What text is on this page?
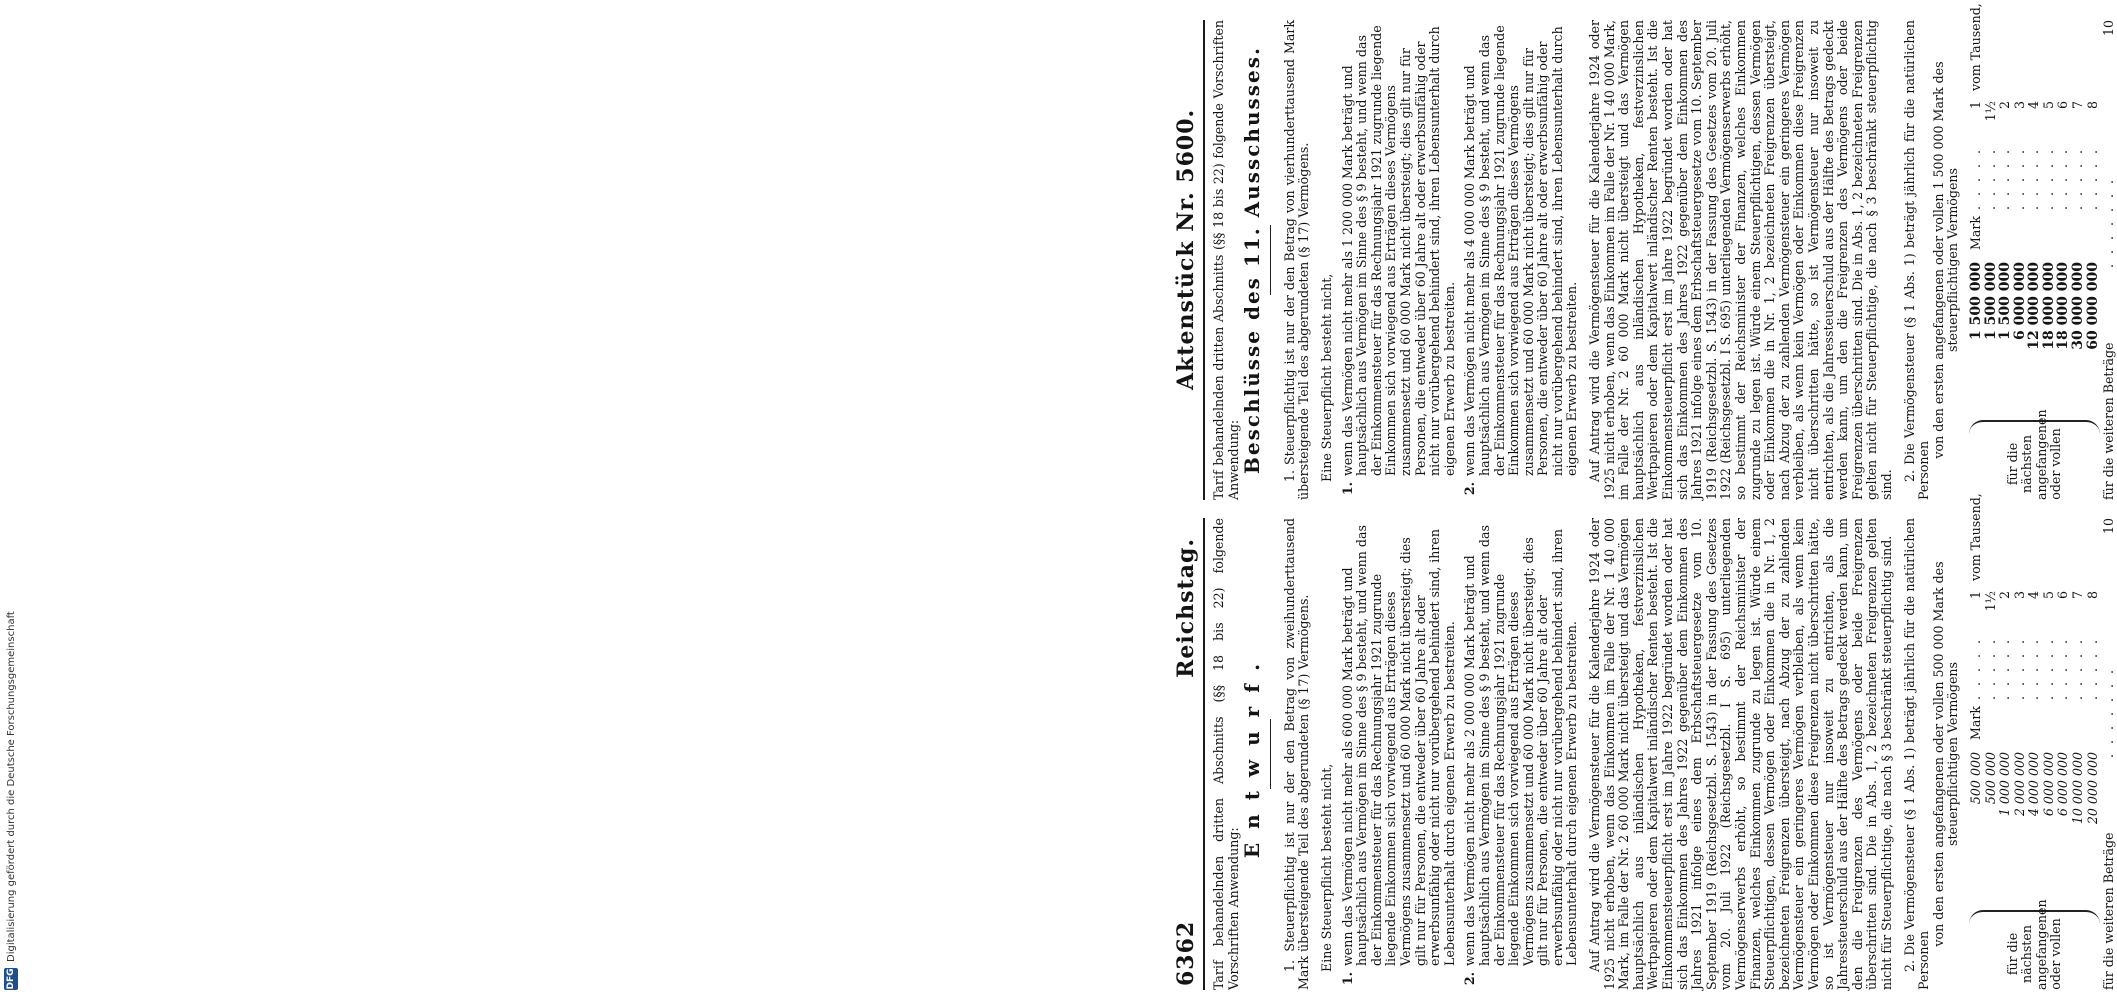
6362
Reichstag. Tarif behandelnden dritten Abschnitts (§§ 18 bis 22) folgende Vorschriften Anwendung:

Entwurf. 1. Steuerpflichtig ist nur der den Betrag von zweihunderttausend Mark übersteigende Teil des abgerundeten (§ 17) Vermögens. Eine Steuerpflicht besteht nicht,

1.
wenn das Vermögen nicht mehr als 600 000 Mark beträgt und hauptsächlich aus Vermögen im Sinne des § 9 besteht, und wenn das der Einkommensteuer für das Rechnungsjahr 1921 zugrunde liegende Einkommen sich vorwiegend aus Erträgen dieses Vermögens zusammensetzt und 60 000 Mark nicht übersteigt; dies gilt nur für Personen, die entweder über 60 Jahre alt oder erwerbsunfähig oder nicht nur vorübergehend behindert sind, ihren Lebensunterhalt durch eigenen Erwerb zu bestreiten.
2.
wenn das Vermögen nicht mehr als 2 000 000 Mark beträgt und hauptsächlich aus Vermögen im Sinne des § 9 besteht, und wenn das der Einkommensteuer für das Rechnungsjahr 1921 zugrunde liegende Einkommen sich vorwiegend aus Erträgen dieses Vermögens zusammensetzt und 60 000 Mark nicht übersteigt; dies gilt nur für Personen, die entweder über 60 Jahre alt oder erwerbsunfähig oder nicht nur vorübergehend behindert sind, ihren Lebensunterhalt durch eigenen Erwerb zu bestreiten. Auf Antrag wird die Vermögensteuer für die Kalenderjahre 1924 oder 1925 nicht erhoben, wenn das Einkommen im Falle der Nr. 1 40 000 Mark, im Falle der Nr. 2 60 000 Mark nicht übersteigt und das Vermögen hauptsächlich aus inländischen Hypotheken, festverzinslichen Wertpapieren oder dem Kapitalwert inländischer Renten besteht. Ist die Einkommensteuerpflicht erst im Jahre 1922 begründet worden oder hat sich das Einkommen des Jahres 1922 gegenüber dem Einkommen des Jahres 1921 infolge eines dem Erbschaftsteuergesetze vom 10. September 1919 (Reichsgesetzbl. S. 1543) in der Fassung des Gesetzes vom 20. Juli 1922 (Reichsgesetzbl. I S. 695) unterliegenden Vermögenserwerbs erhöht, so bestimmt der Reichsminister der Finanzen, welches Einkommen zugrunde zu legen ist. Würde einem Steuerpflichtigen, dessen Vermögen oder Einkommen die in Nr. 1, 2 bezeichneten Freigrenzen übersteigt, nach Abzug der zu zahlenden Vermögensteuer ein geringeres Vermögen verbleiben, als wenn kein Vermögen oder Einkommen diese Freigrenzen nicht überschritten hätte, so ist Vermögensteuer nur insoweit zu entrichten, als die Jahressteuerschuld aus der Hälfte des Betrags gedeckt werden kann, um den die Freigrenzen des Vermögens oder beide Freigrenzen überschritten sind. Die in Abs. 1, 2 bezeichneten Freigrenzen gelten nicht für Steuerpflichtige, die nach § 3 beschränkt steuerpflichtig sind. 2. Die Vermögensteuer (§ 1 Abs. 1) beträgt jährlich für die natürlichen Personen

von den ersten angefangenen oder vollen 500 000 Mark des steuerpflichtigen Vermögens

für die nächsten angefangenen oder vollen
500 000
Mark
. . . . .
1
vom Tausend,
500 000
. . . . .
1½
1 000 000
. . . . .
2
2 000 000
. . . . .
3
4 000 000
. . . . .
4
6 000 000
. . . . .
5
6 000 000
. . . . .
6
10 000 000
. . . . .
7
20 000 000
. . . . .
8
für die weiteren Beträge
. . . . . . .
10
Aktenstück Nr. 5600. Tarif behandelnden dritten Abschnitts (§§ 18 bis 22) folgende Vorschriften Anwendung: Beschlüsse des 11. Ausschusses. 1. Steuerpflichtig ist nur der den Betrag von vierhunderttausend Mark übersteigende Teil des abgerundeten (§ 17) Vermögens. Eine Steuerpflicht besteht nicht,

1.
wenn das Vermögen nicht mehr als 1 200 000 Mark beträgt und hauptsächlich aus Vermögen im Sinne des § 9 besteht, und wenn das der Einkommensteuer für das Rechnungsjahr 1921 zugrunde liegende Einkommen sich vorwiegend aus Erträgen dieses Vermögens zusammensetzt und 60 000 Mark nicht übersteigt; dies gilt nur für Personen, die entweder über 60 Jahre alt oder erwerbsunfähig oder nicht nur vorübergehend behindert sind, ihren Lebensunterhalt durch eigenen Erwerb zu bestreiten.
2.
wenn das Vermögen nicht mehr als 4 000 000 Mark beträgt und hauptsächlich aus Vermögen im Sinne des § 9 besteht, und wenn das der Einkommensteuer für das Rechnungsjahr 1921 zugrunde liegende Einkommen sich vorwiegend aus Erträgen dieses Vermögens zusammensetzt und 60 000 Mark nicht übersteigt; dies gilt nur für Personen, die entweder über 60 Jahre alt oder erwerbsunfähig oder nicht nur vorübergehend behindert sind, ihren Lebensunterhalt durch eigenen Erwerb zu bestreiten. Auf Antrag wird die Vermögensteuer für die Kalenderjahre 1924 oder 1925 nicht erhoben, wenn das Einkommen im Falle der Nr. 1 40 000 Mark, im Falle der Nr. 2 60 000 Mark nicht übersteigt und das Vermögen hauptsächlich aus inländischen Hypotheken, festverzinslichen Wertpapieren oder dem Kapitalwert inländischer Renten besteht. Ist die Einkommensteuerpflicht erst im Jahre 1922 begründet worden oder hat sich das Einkommen des Jahres 1922 gegenüber dem Einkommen des Jahres 1921 infolge eines dem Erbschaftsteuergesetze vom 10. September 1919 (Reichsgesetzbl. S. 1543) in der Fassung des Gesetzes vom 20. Juli 1922 (Reichsgesetzbl. I S. 695) unterliegenden Vermögenserwerbs erhöht, so bestimmt der Reichsminister der Finanzen, welches Einkommen zugrunde zu legen ist. Würde einem Steuerpflichtigen, dessen Vermögen oder Einkommen die in Nr. 1, 2 bezeichneten Freigrenzen übersteigt, nach Abzug der zu zahlenden Vermögensteuer ein geringeres Vermögen verbleiben, als wenn kein Vermögen oder Einkommen diese Freigrenzen nicht überschritten hätte, so ist Vermögensteuer nur insoweit zu entrichten, als die Jahressteuerschuld aus der Hälfte des Betrags gedeckt werden kann, um den die Freigrenzen des Vermögens oder beide Freigrenzen überschritten sind. Die in Abs. 1, 2 bezeichneten Freigrenzen gelten nicht für Steuerpflichtige, die nach § 3 beschränkt steuerpflichtig sind.

2. Die Vermögensteuer (§ 1 Abs. 1) beträgt jährlich für die natürlichen Personen

von den ersten angefangenen oder vollen 1 500 000 Mark des steuerpflichtigen Vermögens

für die nächsten angefangenen oder vollen
1 500 000
Mark
. . . . .
1
vom Tausend,
1 500 000
. . . . .
1½
1 500 000
. . . . .
2
6 000 000
. . . . .
3
12 000 000
. . . . .
4
18 000 000
. . . . .
5
18 000 000
. . . . .
6
30 000 000
. . . . .
7
60 000 000
. . . . .
8
für die weiteren Beträge
. . . . . . .
10
DFG
Digitalisierung gefördert durch die Deutsche Forschungsgemeinschaft
